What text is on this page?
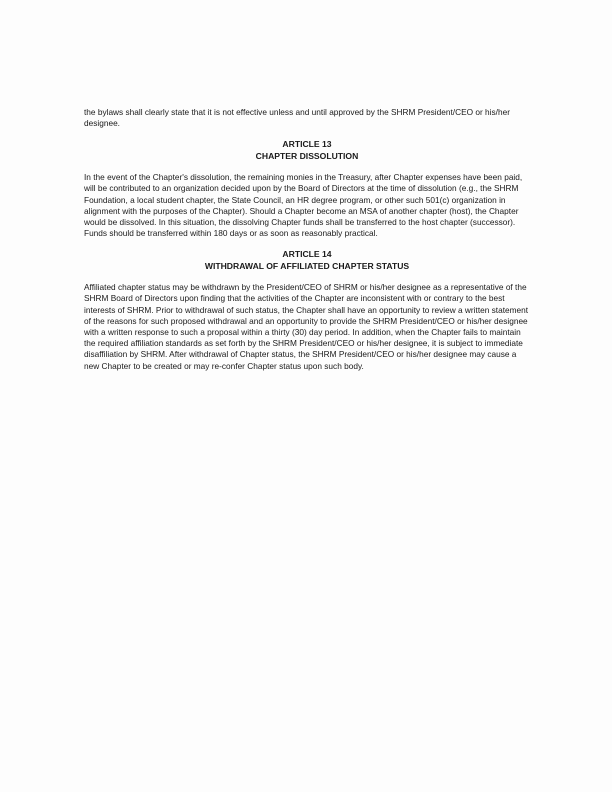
the bylaws shall clearly state that it is not effective unless and until approved by the SHRM President/CEO or his/her designee.

ARTICLE 13
CHAPTER DISSOLUTION

In the event of the Chapter's dissolution, the remaining monies in the Treasury, after Chapter expenses have been paid, will be contributed to an organization decided upon by the Board of Directors at the time of dissolution (e.g., the SHRM Foundation, a local student chapter, the State Council, an HR degree program, or other such 501(c) organization in alignment with the purposes of the Chapter). Should a Chapter become an MSA of another chapter (host), the Chapter would be dissolved. In this situation, the dissolving Chapter funds shall be transferred to the host chapter (successor). Funds should be transferred within 180 days or as soon as reasonably practical.

ARTICLE 14
WITHDRAWAL OF AFFILIATED CHAPTER STATUS

Affiliated chapter status may be withdrawn by the President/CEO of SHRM or his/her designee as a representative of the SHRM Board of Directors upon finding that the activities of the Chapter are inconsistent with or contrary to the best interests of SHRM. Prior to withdrawal of such status, the Chapter shall have an opportunity to review a written statement of the reasons for such proposed withdrawal and an opportunity to provide the SHRM President/CEO or his/her designee with a written response to such a proposal within a thirty (30) day period. In addition, when the Chapter fails to maintain the required affiliation standards as set forth by the SHRM President/CEO or his/her designee, it is subject to immediate disaffiliation by SHRM. After withdrawal of Chapter status, the SHRM President/CEO or his/her designee may cause a new Chapter to be created or may re-confer Chapter status upon such body.
